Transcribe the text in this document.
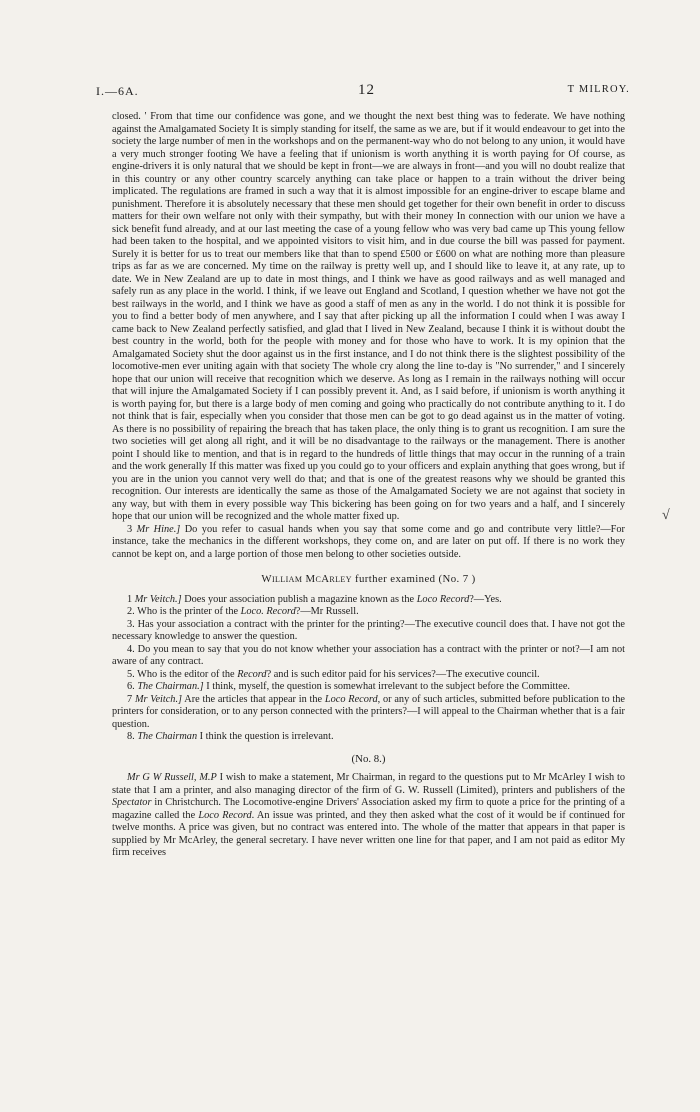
I.—6A.	12	T MILROY.
√

closed. ' From that time our confidence was gone, and we thought the next best thing was to federate. We have nothing against the Amalgamated Society It is simply standing for itself, the same as we are, but if it would endeavour to get into the society the large number of men in the workshops and on the permanent-way who do not belong to any union, it would have a very much stronger footing We have a feeling that if unionism is worth anything it is worth paying for Of course, as engine-drivers it is only natural that we should be kept in front—we are always in front—and you will no doubt realize that in this country or any other country scarcely anything can take place or happen to a train without the driver being implicated. The regulations are framed in such a way that it is almost impossible for an engine-driver to escape blame and punishment. Therefore it is absolutely necessary that these men should get together for their own benefit in order to discuss matters for their own welfare not only with their sympathy, but with their money In connection with our union we have a sick benefit fund already, and at our last meeting the case of a young fellow who was very bad came up This young fellow had been taken to the hospital, and we appointed visitors to visit him, and in due course the bill was passed for payment. Surely it is better for us to treat our members like that than to spend £500 or £600 on what are nothing more than pleasure trips as far as we are concerned. My time on the railway is pretty well up, and I should like to leave it, at any rate, up to date. We in New Zealand are up to date in most things, and I think we have as good railways and as well managed and safely run as any place in the world. I think, if we leave out England and Scotland, I question whether we have not got the best railways in the world, and I think we have as good a staff of men as any in the world. I do not think it is possible for you to find a better body of men anywhere, and I say that after picking up all the information I could when I was away I came back to New Zealand perfectly satisfied, and glad that I lived in New Zealand, because I think it is without doubt the best country in the world, both for the people with money and for those who have to work. It is my opinion that the Amalgamated Society shut the door against us in the first instance, and I do not think there is the slightest possibility of the locomotive-men ever uniting again with that society The whole cry along the line to-day is "No surrender," and I sincerely hope that our union will receive that recognition which we deserve. As long as I remain in the railways nothing will occur that will injure the Amalgamated Society if I can possibly prevent it. And, as I said before, if unionism is worth anything it is worth paying for, but there is a large body of men coming and going who practically do not contribute anything to it. I do not think that is fair, especially when you consider that those men can be got to go dead against us in the matter of voting. As there is no possibility of repairing the breach that has taken place, the only thing is to grant us recognition. I am sure the two societies will get along all right, and it will be no disadvantage to the railways or the management. There is another point I should like to mention, and that is in regard to the hundreds of little things that may occur in the running of a train and the work generally If this matter was fixed up you could go to your officers and explain anything that goes wrong, but if you are in the union you cannot very well do that; and that is one of the greatest reasons why we should be granted this recognition. Our interests are identically the same as those of the Amalgamated Society we are not against that society in any way, but with them in every possible way This bickering has been going on for two years and a half, and I sincerely hope that our union will be recognized and the whole matter fixed up.

3 Mr Hine.] Do you refer to casual hands when you say that some come and go and contribute very little?—For instance, take the mechanics in the different workshops, they come on, and are later on put off. If there is no work they cannot be kept on, and a large portion of those men belong to other societies outside.

William McArley further examined (No. 7 )

1 Mr Veitch.] Does your association publish a magazine known as the Loco Record?—Yes.

2. Who is the printer of the Loco. Record?—Mr Russell.

3. Has your association a contract with the printer for the printing?—The executive council does that. I have not got the necessary knowledge to answer the question.

4. Do you mean to say that you do not know whether your association has a contract with the printer or not?—I am not aware of any contract.

5. Who is the editor of the Record? and is such editor paid for his services?—The executive council.

6. The Chairman.] I think, myself, the question is somewhat irrelevant to the subject before the Committee.

7 Mr Veitch.] Are the articles that appear in the Loco Record, or any of such articles, submitted before publication to the printers for consideration, or to any person connected with the printers?—I will appeal to the Chairman whether that is a fair question.

8. The Chairman I think the question is irrelevant.

(No. 8.)

Mr G W Russell, M.P I wish to make a statement, Mr Chairman, in regard to the questions put to Mr McArley I wish to state that I am a printer, and also managing director of the firm of G. W. Russell (Limited), printers and publishers of the Spectator in Christchurch. The Locomotive-engine Drivers' Association asked my firm to quote a price for the printing of a magazine called the Loco Record. An issue was printed, and they then asked what the cost of it would be if continued for twelve months. A price was given, but no contract was entered into. The whole of the matter that appears in that paper is supplied by Mr McArley, the general secretary. I have never written one line for that paper, and I am not paid as editor My firm receives
